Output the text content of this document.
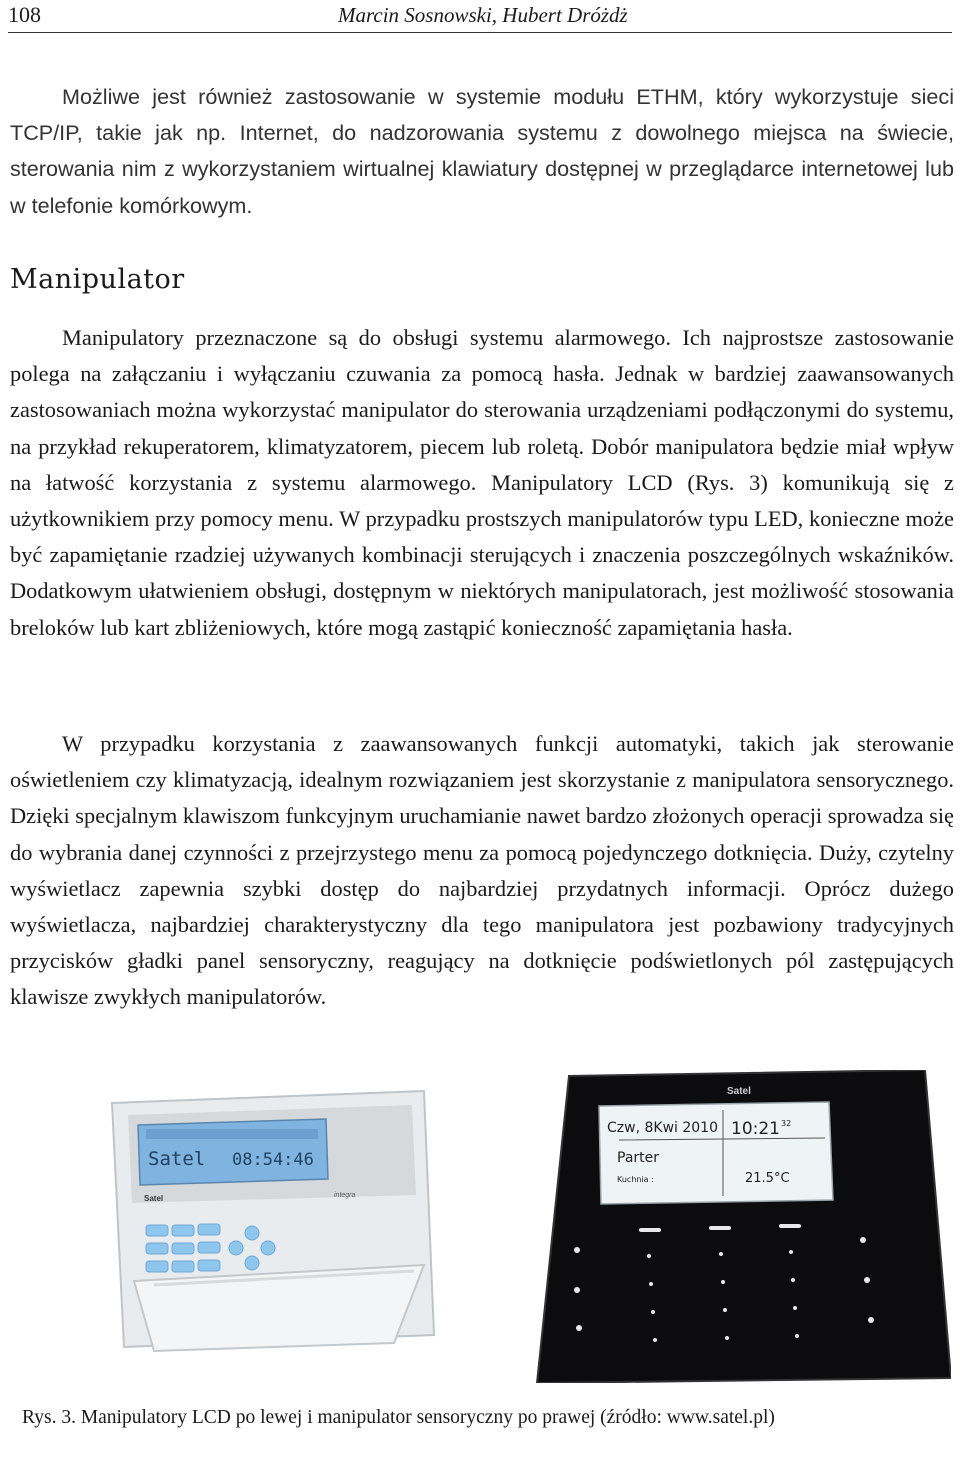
108	Marcin Sosnowski, Hubert Dróżdż

Możliwe jest również zastosowanie w systemie modułu ETHM, który wykorzystuje sieci TCP/IP, takie jak np. Internet, do nadzorowania systemu z dowolnego miejsca na świecie, sterowania nim z wykorzystaniem wirtualnej klawiatury dostępnej w przeglądarce internetowej lub w telefonie komórkowym.

Manipulator

Manipulatory przeznaczone są do obsługi systemu alarmowego. Ich najprostsze zastosowanie polega na załączaniu i wyłączaniu czuwania za pomocą hasła. Jednak w bardziej zaawansowanych zastosowaniach można wykorzystać manipulator do sterowania urządzeniami podłączonymi do systemu, na przykład rekuperatorem, klimatyzatorem, piecem lub roletą. Dobór manipulatora będzie miał wpływ na łatwość korzystania z systemu alarmowego. Manipulatory LCD (Rys. 3) komunikują się z użytkownikiem przy pomocy menu. W przypadku prostszych manipulatorów typu LED, konieczne może być zapamiętanie rzadziej używanych kombinacji sterujących i znaczenia poszczególnych wskaźników. Dodatkowym ułatwieniem obsługi, dostępnym w niektórych manipulatorach, jest możliwość stosowania breloków lub kart zbliżeniowych, które mogą zastąpić konieczność zapamiętania hasła.

W przypadku korzystania z zaawansowanych funkcji automatyki, takich jak sterowanie oświetleniem czy klimatyzacją, idealnym rozwiązaniem jest skorzystanie z manipulatora sensorycznego. Dzięki specjalnym klawiszom funkcyjnym uruchamianie nawet bardzo złożonych operacji sprowadza się do wybrania danej czynności z przejrzystego menu za pomocą pojedynczego dotknięcia. Duży, czytelny wyświetlacz zapewnia szybki dostęp do najbardziej przydatnych informacji. Oprócz dużego wyświetlacza, najbardziej charakterystyczny dla tego manipulatora jest pozbawiony tradycyjnych przycisków gładki panel sensoryczny, reagujący na dotknięcie podświetlonych pól zastępujących klawisze zwykłych manipulatorów.

Satel 08:54:46
Satel	integra
Satel
Czw, 8Kwi 2010 10:21 32
Parter
Kuchnia :	21.5°C

Rys. 3. Manipulatory LCD po lewej i manipulator sensoryczny po prawej (źródło: www.satel.pl)
